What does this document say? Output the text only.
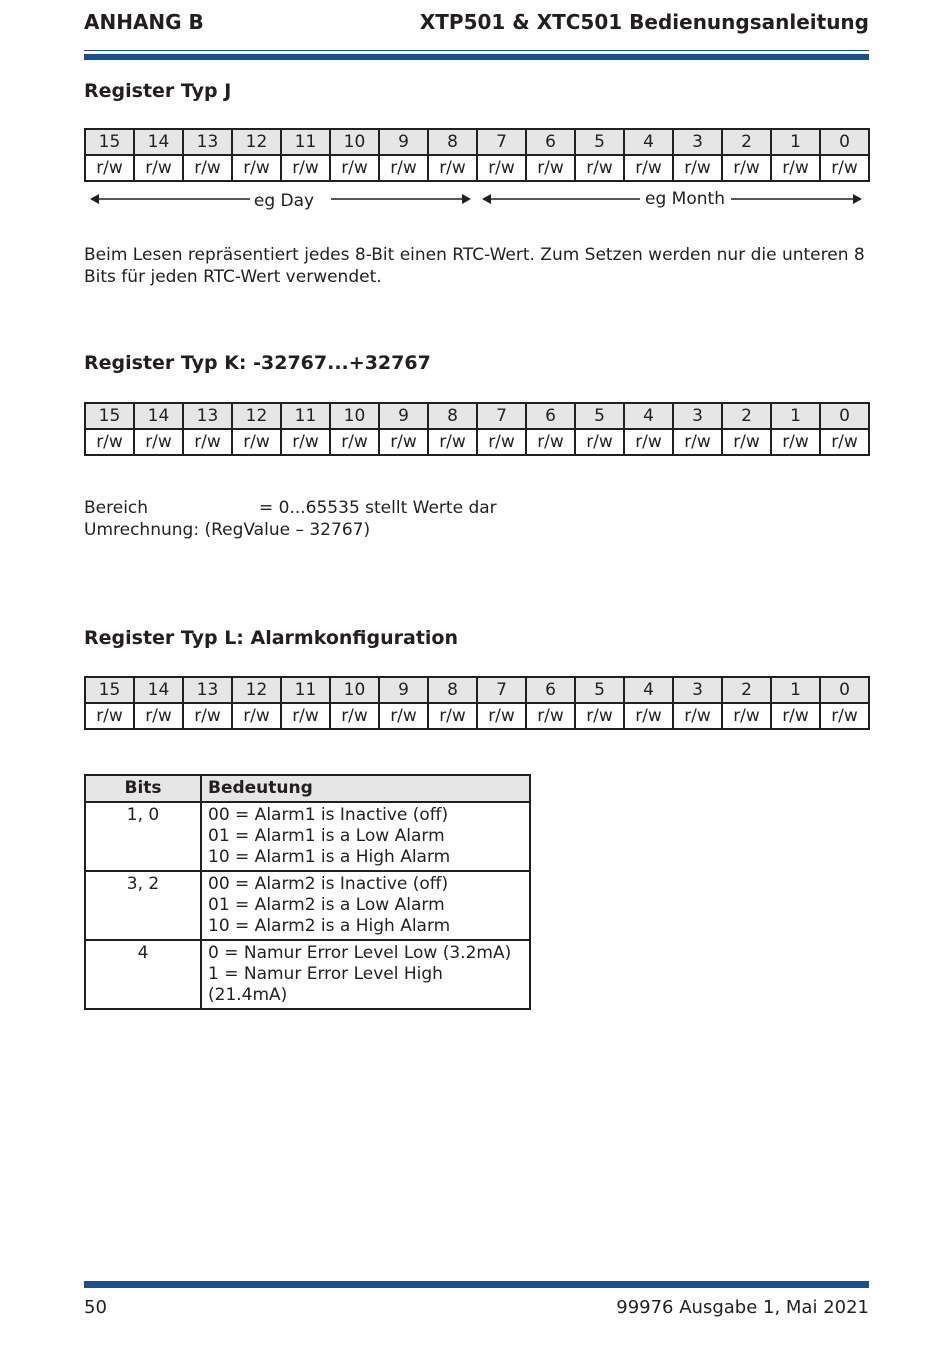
ANHANG B	XTP501 & XTC501 Bedienungsanleitung
Register Typ J
15	14	13	12	11	10	9	8	7	6	5	4	3	2	1	0
r/w	r/w	r/w	r/w	r/w	r/w	r/w	r/w	r/w	r/w	r/w	r/w	r/w	r/w	r/w	r/w
eg Day	eg Month

Beim Lesen repräsentiert jedes 8-Bit einen RTC-Wert. Zum Setzen werden nur die unteren 8 Bits für jeden RTC-Wert verwendet.

Register Typ K: -32767...+32767
15	14	13	12	11	10	9	8	7	6	5	4	3	2	1	0
r/w	r/w	r/w	r/w	r/w	r/w	r/w	r/w	r/w	r/w	r/w	r/w	r/w	r/w	r/w	r/w
Bereich	= 0...65535 stellt Werte dar
Umrechnung: (RegValue – 32767)
Register Typ L: Alarmkonfiguration
15	14	13	12	11	10	9	8	7	6	5	4	3	2	1	0
r/w	r/w	r/w	r/w	r/w	r/w	r/w	r/w	r/w	r/w	r/w	r/w	r/w	r/w	r/w	r/w
Bits	Bedeutung
1, 0	00 = Alarm1 is Inactive (off)
01 = Alarm1 is a Low Alarm
10 = Alarm1 is a High Alarm

3, 2	00 = Alarm2 is Inactive (off)
01 = Alarm2 is a Low Alarm
10 = Alarm2 is a High Alarm

4	0 = Namur Error Level Low (3.2mA)
1 = Namur Error Level High (21.4mA)
50	99976 Ausgabe 1, Mai 2021
